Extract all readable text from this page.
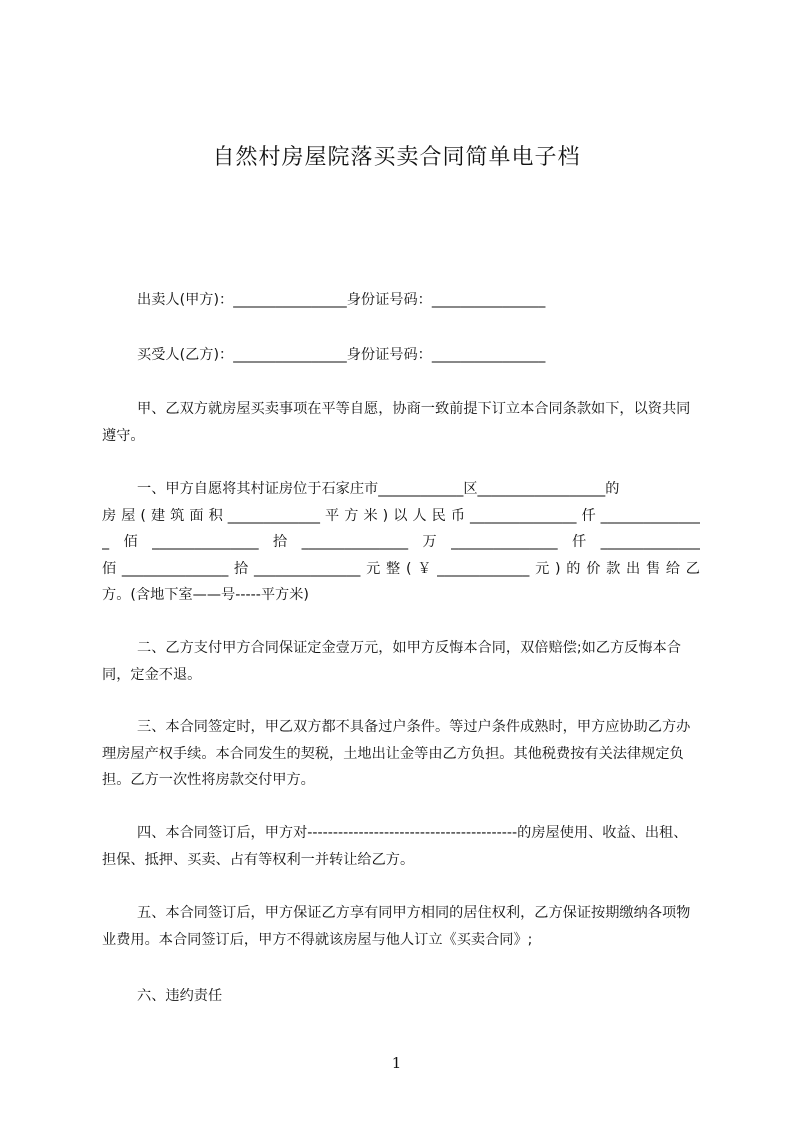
自然村房屋院落买卖合同简单电子档
出卖人(甲方)：________________身份证号码：________________
买受人(乙方)：________________身份证号码：________________
甲、乙双方就房屋买卖事项在平等自愿，协商一致前提下订立本合同条款如下，以资共同遵守。
一、甲方自愿将其村证房位于石家庄市____________区__________________的
房屋(建筑面积_____________平方米)以人民币_______________仟______________
_佰_______________拾_______________万_______________仟______________
佰_______________拾_______________元整(￥_____________元)的价款出售给乙
方。(含地下室——号-----平方米)
二、乙方支付甲方合同保证定金壹万元，如甲方反悔本合同，双倍赔偿;如乙方反悔本合同，定金不退。
三、本合同签定时，甲乙双方都不具备过户条件。等过户条件成熟时，甲方应协助乙方办理房屋产权手续。本合同发生的契税，土地出让金等由乙方负担。其他税费按有关法律规定负担。乙方一次性将房款交付甲方。
四、本合同签订后，甲方对-----------------------------------------的房屋使用、收益、出租、担保、抵押、买卖、占有等权利一并转让给乙方。
五、本合同签订后，甲方保证乙方享有同甲方相同的居住权利，乙方保证按期缴纳各项物业费用。本合同签订后，甲方不得就该房屋与他人订立《买卖合同》;
六、违约责任
1
